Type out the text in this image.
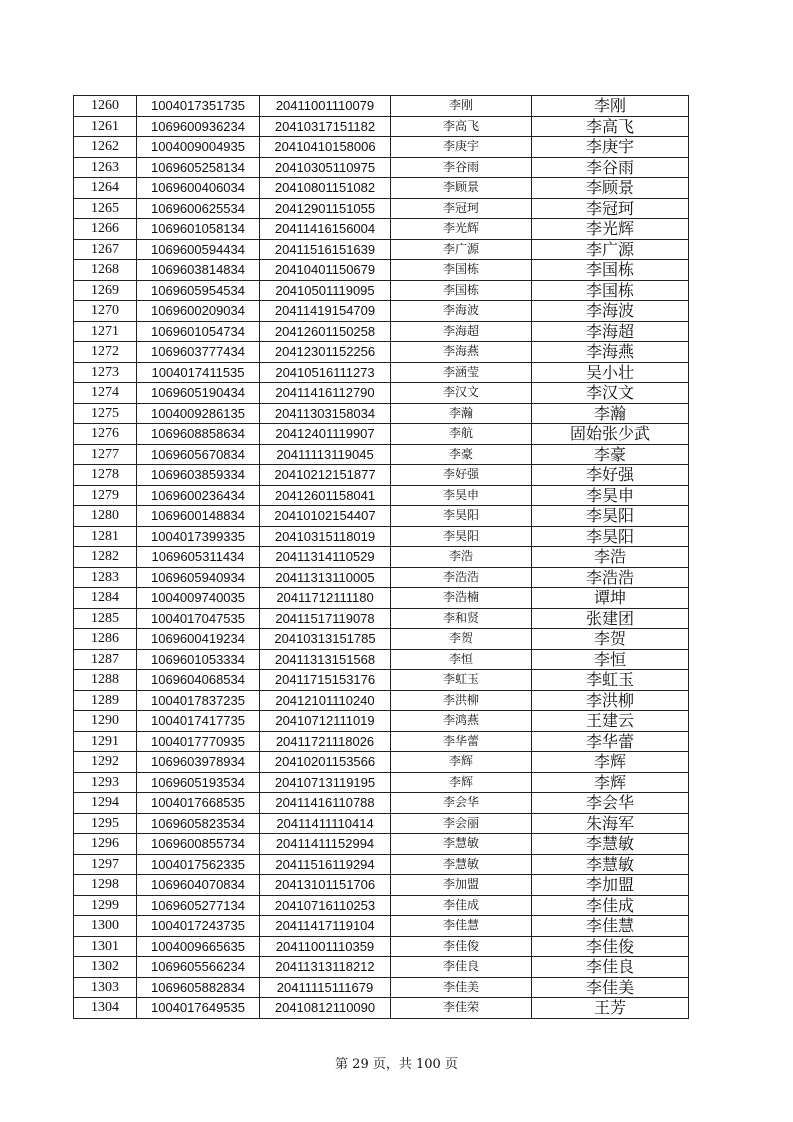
1260	1004017351735	20411001110079	李刚	李刚
1261	1069600936234	20410317151182	李高飞	李高飞
1262	1004009004935	20410410158006	李庚宇	李庚宇
1263	1069605258134	20410305110975	李谷雨	李谷雨
1264	1069600406034	20410801151082	李顾景	李顾景
1265	1069600625534	20412901151055	李冠珂	李冠珂
1266	1069601058134	20411416156004	李光辉	李光辉
1267	1069600594434	20411516151639	李广源	李广源
1268	1069603814834	20410401150679	李国栋	李国栋
1269	1069605954534	20410501119095	李国栋	李国栋
1270	1069600209034	20411419154709	李海波	李海波
1271	1069601054734	20412601150258	李海超	李海超
1272	1069603777434	20412301152256	李海燕	李海燕
1273	1004017411535	20410516111273	李涵莹	吴小壮
1274	1069605190434	20411416112790	李汉文	李汉文
1275	1004009286135	20411303158034	李瀚	李瀚
1276	1069608858634	20412401119907	李航	固始张少武
1277	1069605670834	20411113119045	李豪	李豪
1278	1069603859334	20410212151877	李好强	李好强
1279	1069600236434	20412601158041	李昊申	李昊申
1280	1069600148834	20410102154407	李昊阳	李昊阳
1281	1004017399335	20410315118019	李昊阳	李昊阳
1282	1069605311434	20411314110529	李浩	李浩
1283	1069605940934	20411313110005	李浩浩	李浩浩
1284	1004009740035	20411712111180	李浩楠	谭坤
1285	1004017047535	20411517119078	李和贤	张建团
1286	1069600419234	20410313151785	李贺	李贺
1287	1069601053334	20411313151568	李恒	李恒
1288	1069604068534	20411715153176	李虹玉	李虹玉
1289	1004017837235	20412101110240	李洪柳	李洪柳
1290	1004017417735	20410712111019	李鸿燕	王建云
1291	1004017770935	20411721118026	李华蕾	李华蕾
1292	1069603978934	20410201153566	李辉	李辉
1293	1069605193534	20410713119195	李辉	李辉
1294	1004017668535	20411416110788	李会华	李会华
1295	1069605823534	20411411110414	李会丽	朱海军
1296	1069600855734	20411411152994	李慧敏	李慧敏
1297	1004017562335	20411516119294	李慧敏	李慧敏
1298	1069604070834	20413101151706	李加盟	李加盟
1299	1069605277134	20410716110253	李佳成	李佳成
1300	1004017243735	20411417119104	李佳慧	李佳慧
1301	1004009665635	20411001110359	李佳俊	李佳俊
1302	1069605566234	20411313118212	李佳良	李佳良
1303	1069605882834	20411115111679	李佳美	李佳美
1304	1004017649535	20410812110090	李佳荣	王芳
第 29 页，共 100 页
